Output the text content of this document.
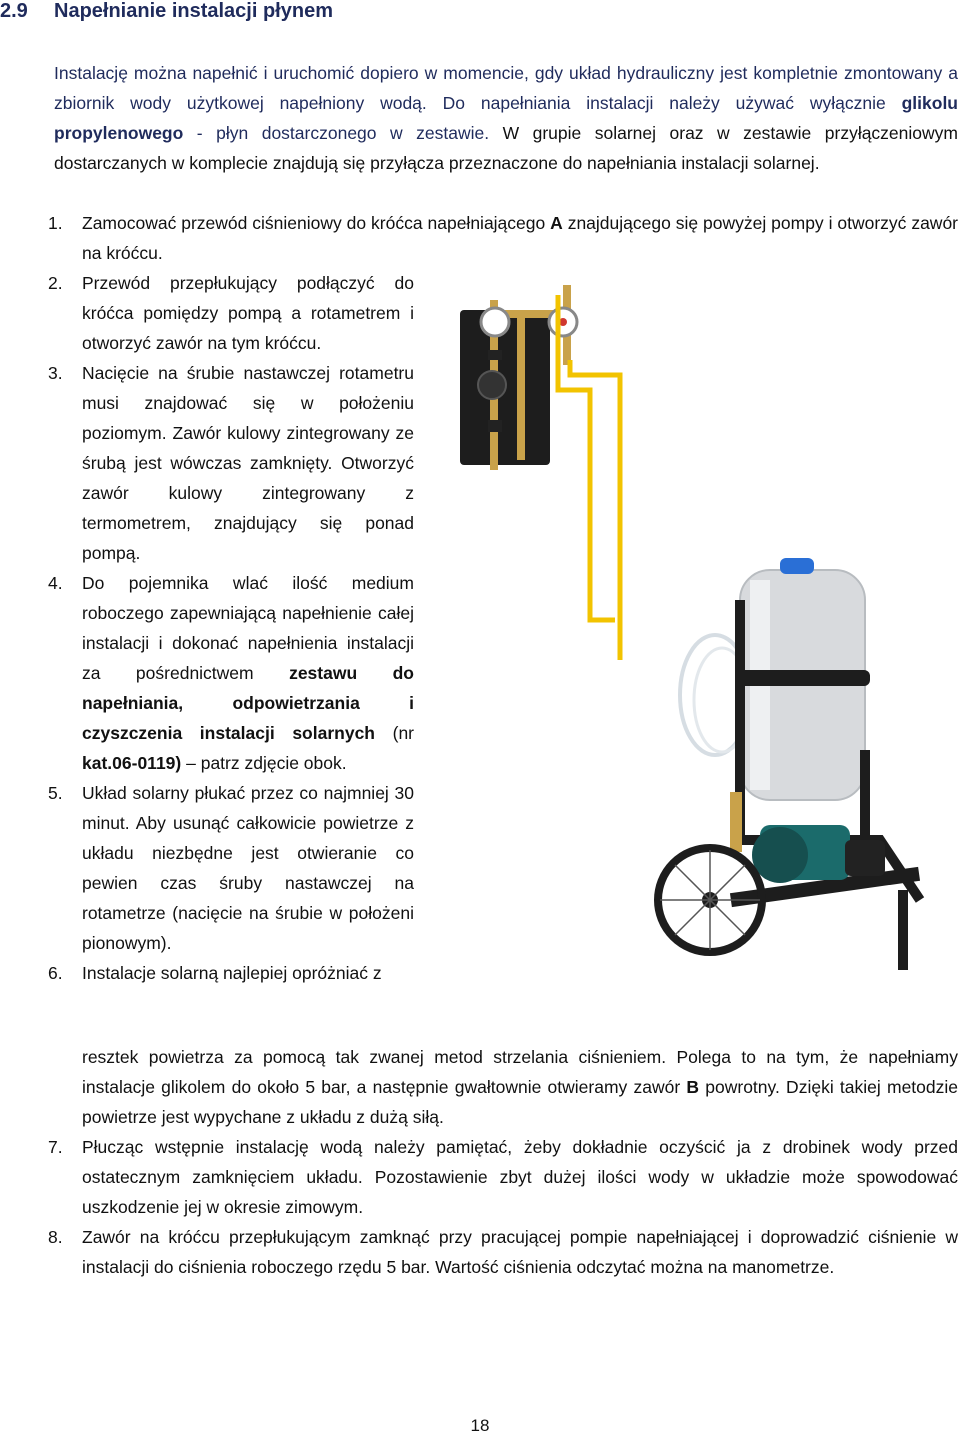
2.9 Napełnianie instalacji płynem
Instalację można napełnić i uruchomić dopiero w momencie, gdy układ hydrauliczny jest kompletnie zmontowany a zbiornik wody użytkowej napełniony wodą. Do napełniania instalacji należy używać wyłącznie glikolu propylenowego - płyn dostarczonego w zestawie. W grupie solarnej oraz w zestawie przyłączeniowym dostarczanych w komplecie znajdują się przyłącza przeznaczone do napełniania instalacji solarnej.
1. Zamocować przewód ciśnieniowy do króćca napełniającego A znajdującego się powyżej pompy i otworzyć zawór na króćcu.
2. Przewód przepłukujący podłączyć do króćca pomiędzy pompą a rotametrem i otworzyć zawór na tym króćcu.
3. Nacięcie na śrubie nastawczej rotametru musi znajdować się w położeniu poziomym. Zawór kulowy zintegrowany ze śrubą jest wówczas zamknięty. Otworzyć zawór kulowy zintegrowany z termometrem, znajdujący się ponad pompą.
4. Do pojemnika wlać ilość medium roboczego zapewniającą napełnienie całej instalacji i dokonać napełnienia instalacji za pośrednictwem zestawu do napełniania, odpowietrzania i czyszczenia instalacji solarnych (nr kat.06-0119) – patrz zdjęcie obok.
5. Układ solarny płukać przez co najmniej 30 minut. Aby usunąć całkowicie powietrze z układu niezbędne jest otwieranie co pewien czas śruby nastawczej na rotametrze (nacięcie na śrubie w położeni pionowym).
6. Instalacje solarną najlepiej opróżniać z
resztek powietrza za pomocą tak zwanej metod strzelania ciśnieniem. Polega to na tym, że napełniamy instalacje glikolem do około 5 bar, a następnie gwałtownie otwieramy zawór B powrotny. Dzięki takiej metodzie powietrze jest wypychane z układu z dużą siłą.
7. Płucząc wstępnie instalację wodą należy pamiętać, żeby dokładnie oczyścić ja z drobinek wody przed ostatecznym zamknięciem układu. Pozostawienie zbyt dużej ilości wody w układzie może spowodować uszkodzenie jej w okresie zimowym.
8. Zawór na króćcu przepłukującym zamknąć przy pracującej pompie napełniającej i doprowadzić ciśnienie w instalacji do ciśnienia roboczego rzędu 5 bar. Wartość ciśnienia odczytać można na manometrze.
18
